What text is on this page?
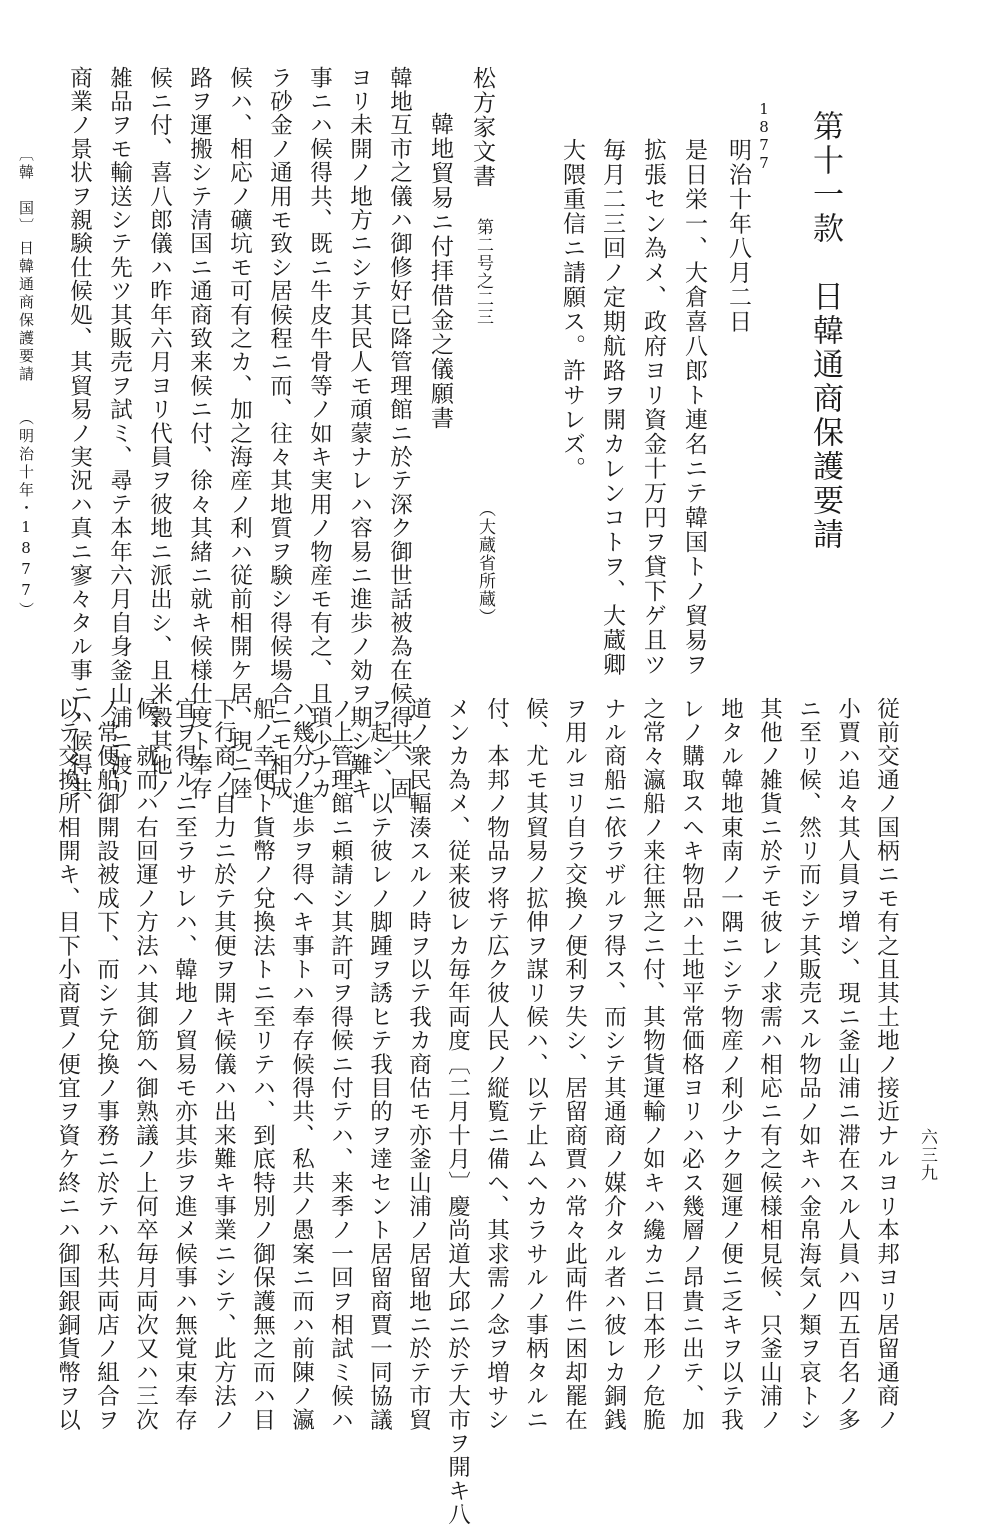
第十一款　日韓通商保護要請
1877
明治十年八月二日
是日栄一、大倉喜八郎ト連名ニテ韓国トノ貿易ヲ
拡張セン為メ、政府ヨリ資金十万円ヲ貸下ゲ且ツ
毎月二三回ノ定期航路ヲ開カレンコトヲ、大蔵卿
大隈重信ニ請願ス。許サレズ。
松方家文書
第二号之二三
（大蔵省所蔵）
韓地貿易ニ付拝借金之儀願書
韓地互市之儀ハ御修好已降管理館ニ於テ深ク御世話被為在候得共、固
ヨリ未開ノ地方ニシテ其民人モ頑蒙ナレハ容易ニ進歩ノ効ヲ期シ難キ
事ニハ候得共、既ニ牛皮牛骨等ノ如キ実用ノ物産モ有之、且瑣少ナカ
ラ砂金ノ通用モ致シ居候程ニ而、往々其地質ヲ験シ得候場合ニモ相成
候ハ、相応ノ礦坑モ可有之カ、加之海産ノ利ハ従前相開ケ居、現ニ陸
路ヲ運搬シテ清国ニ通商致来候ニ付、徐々其緒ニ就キ候様仕度ト奉存
候ニ付、喜八郎儀ハ昨年六月ヨリ代員ヲ彼地ニ派出シ、且米穀其他ノ
雑品ヲモ輸送シテ先ツ其販売ヲ試ミ、尋テ本年六月自身釜山浦ニ渡リ
商業ノ景状ヲ親験仕候処、其貿易ノ実況ハ真ニ寥々タル事ニハ候得共
従前交通ノ国柄ニモ有之且其土地ノ接近ナルヨリ本邦ヨリ居留通商ノ
小賈ハ追々其人員ヲ増シ、現ニ釜山浦ニ滞在スル人員ハ四五百名ノ多
ニ至リ候、然リ而シテ其販売スル物品ノ如キハ金帛海気ノ類ヲ哀トシ
其他ノ雑貨ニ於テモ彼レノ求需ハ相応ニ有之候様相見候、只釜山浦ノ
地タル韓地東南ノ一隅ニシテ物産ノ利少ナク廻運ノ便ニ乏キヲ以テ我
レノ購取スヘキ物品ハ土地平常価格ヨリハ必ス幾層ノ昂貴ニ出テ、加
之常々瀛船ノ来往無之ニ付、其物貨運輸ノ如キハ纔カニ日本形ノ危脆
ナル商船ニ依ラザルヲ得ス、而シテ其通商ノ媒介タル者ハ彼レカ銅銭
ヲ用ルヨリ自ラ交換ノ便利ヲ失シ、居留商賈ハ常々此両件ニ困却罷在
候、尤モ其貿易ノ拡伸ヲ謀リ候ハ、以テ止ムヘカラサルノ事柄タルニ
付、本邦ノ物品ヲ将テ広ク彼人民ノ縦覧ニ備ヘ、其求需ノ念ヲ増サシ
メンカ為メ、従来彼レカ毎年両度〔二月十月〕慶尚道大邱ニ於テ大市ヲ開キ八
道ノ衆民輻湊スルノ時ヲ以テ我カ商估モ亦釜山浦ノ居留地ニ於テ市貿
ヲ起シ、以テ彼レノ脚踵ヲ誘ヒテ我目的ヲ達セント居留商賈一同協議
ノ上管理館ニ頼請シ其許可ヲ得候ニ付テハ、来季ノ一回ヲ相試ミ候ハ
ハ幾分ノ進歩ヲ得ヘキ事トハ奉存候得共、私共ノ愚案ニ而ハ前陳ノ瀛
船ノ幸便ト貨幣ノ兌換法トニ至リテハ、到底特別ノ御保護無之而ハ目
下行商ノ自力ニ於テ其便ヲ開キ候儀ハ出来難キ事業ニシテ、此方法ノ
宜ヲ得ルニ至ラサレハ、韓地ノ貿易モ亦其歩ヲ進メ候事ハ無覚束奉存
候、就而ハ右回運ノ方法ハ其御筋ヘ御熟議ノ上何卒毎月両次又ハ三次
ノ常便船御開設被成下、而シテ兌換ノ事務ニ於テハ私共両店ノ組合ヲ
以テ交換所相開キ、目下小商賈ノ便宜ヲ資ケ終ニハ御国銀銅貨幣ヲ以
〔韓　国〕
日韓通商保護要請
（明治十年・1877）
六三九
